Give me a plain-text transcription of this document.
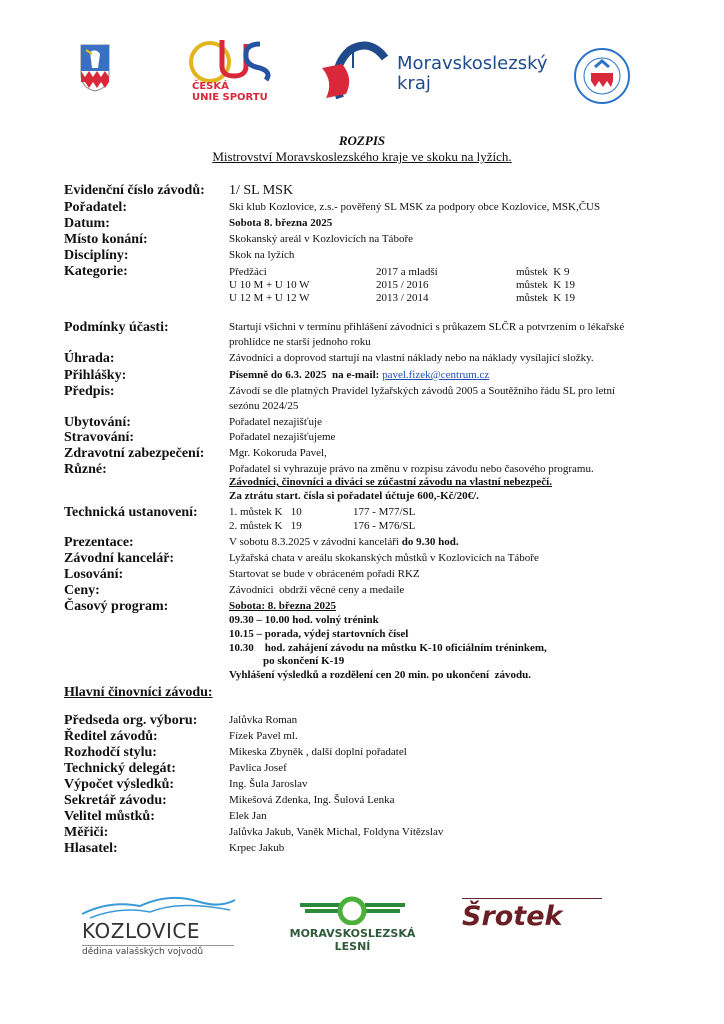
ČESKÁ
UNIE SPORTU
Moravskoslezský
kraj
ROZPIS
Mistrovství Moravskoslezského kraje ve skoku na lyžích.
Evidenční číslo závodů: 1/ SL MSK
Pořadatel:	Ski klub Kozlovice, z.s.- pověřený SL MSK za podpory obce Kozlovice, MSK,ČUS
Datum:	Sobota 8. března 2025
Místo konání:	Skokanský areál v Kozlovicích na Táboře
Disciplíny:	Skok na lyžích
Kategorie:	Předžáci	2017 a mladší	můstek  K 9
U 10 M + U 10 W	2015 / 2016	můstek  K 19
U 12 M + U 12 W	2013 / 2014	můstek  K 19
Podmínky účasti:	Startují všichni v termínu přihlášení závodníci s průkazem SLČR a potvrzením o lékařské
prohlídce ne starší jednoho roku
Úhrada:	Závodníci a doprovod startují na vlastní náklady nebo na náklady vysílající složky.
Přihlášky:	Písemně do 6.3. 2025  na e-mail: pavel.fizek@centrum.cz
Předpis:	Závodí se dle platných Pravidel lyžařských závodů 2005 a Soutěžního řádu SL pro letní
sezónu 2024/25
Ubytování:	Pořadatel nezajišťuje
Stravování:	Pořadatel nezajišťujeme
Zdravotní zabezpečení: Mgr. Kokoruda Pavel,
Různé:	Pořadatel si vyhrazuje právo na změnu v rozpisu závodu nebo časového programu.
Závodníci, činovníci a diváci se zúčastní závodu na vlastní nebezpečí.
Za ztrátu start. čísla si pořadatel účtuje 600,-Kč/20€/.
Technická ustanovení:	1. můstek K   10	177 - M77/SL
2. můstek K   19	176 - M76/SL
Prezentace:	V sobotu 8.3.2025 v závodní kanceláři do 9.30 hod.
Závodní kancelář:	Lyžařská chata v areálu skokanských můstků v Kozlovicích na Táboře
Losování:	Startovat se bude v obráceném pořadí RKZ
Ceny:	Závodníci  obdrží věcné ceny a medaile
Časový program:	Sobota: 8. března 2025
09.30 – 10.00 hod. volný trénink
10.15 – porada, výdej startovních čísel
10.30    hod. zahájení závodu na můstku K-10 oficiálním tréninkem,
po skončení K-19
Vyhlášení výsledků a rozdělení cen 20 min. po ukončení  závodu.
Hlavní činovníci závodu:
Předseda org. výboru:	Jalůvka Roman
Ředitel závodů:	Fízek Pavel ml.
Rozhodčí stylu:	Mikeska Zbyněk , další doplní pořadatel
Technický delegát:	Pavlica Josef
Výpočet výsledků:	Ing. Šula Jaroslav
Sekretář závodu:	Mikešová Zdenka, Ing. Šulová Lenka
Velitel můstků:	Elek Jan
Měřiči:	Jalůvka Jakub, Vaněk Michal, Foldyna Vítězslav
Hlasatel:	Krpec Jakub
KOZLOVICE
dědina valašských vojvodů
MORAVSKOSLEZSKÁ
LESNÍ
Šrotek
